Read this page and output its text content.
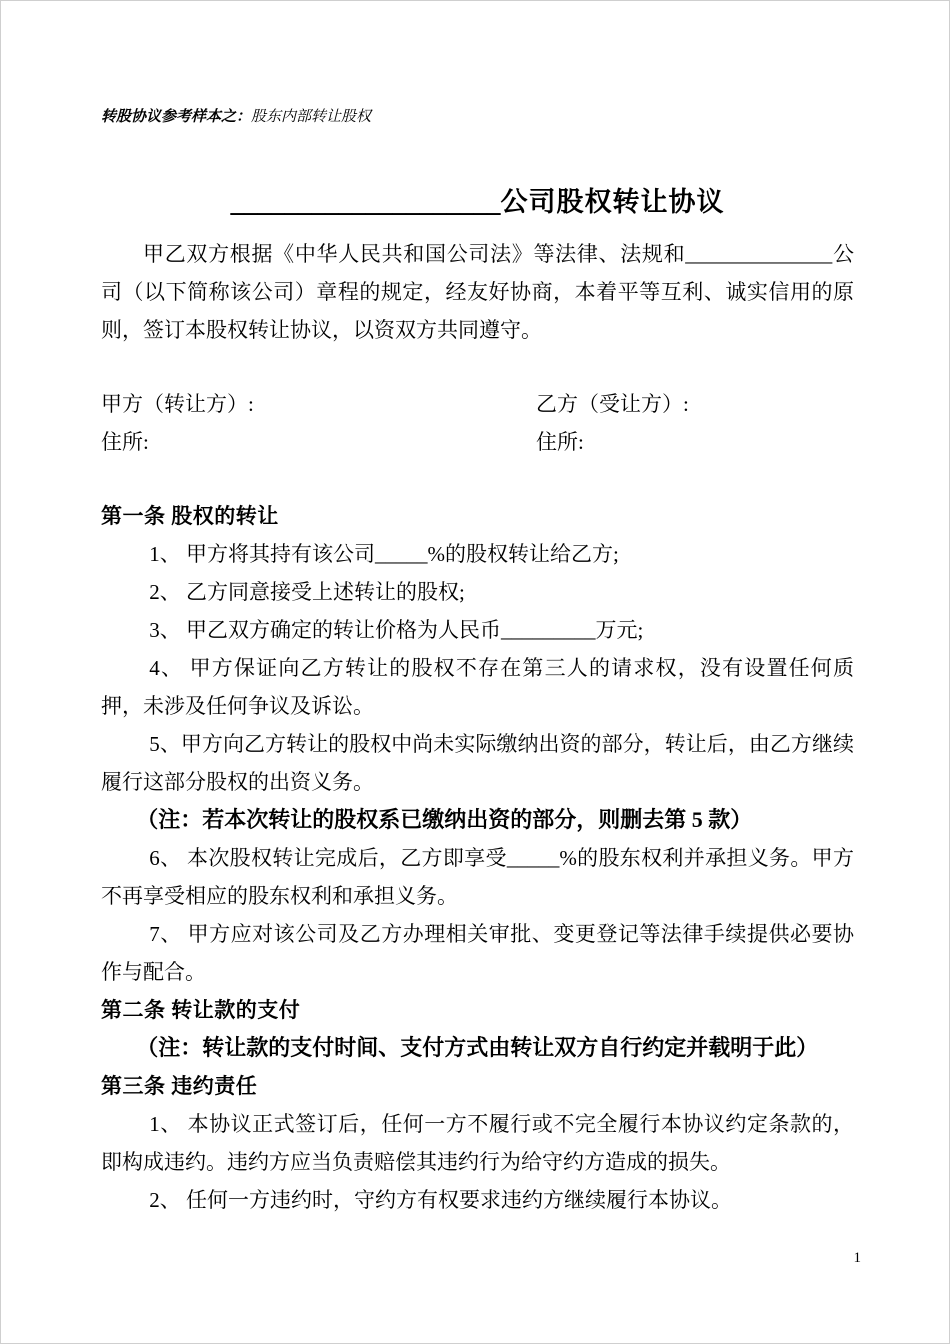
转股协议参考样本之：股东内部转让股权
____________________公司股权转让协议

甲乙双方根据《中华人民共和国公司法》等法律、法规和______________公司（以下简称该公司）章程的规定，经友好协商，本着平等互利、诚实信用的原则，签订本股权转让协议，以资双方共同遵守。

甲方（转让方）:	乙方（受让方）:
住所:	住所:
第一条 股权的转让

1、 甲方将其持有该公司_____%的股权转让给乙方;

2、 乙方同意接受上述转让的股权;

3、 甲乙双方确定的转让价格为人民币_________万元;

4、 甲方保证向乙方转让的股权不存在第三人的请求权，没有设置任何质押，未涉及任何争议及诉讼。

5、甲方向乙方转让的股权中尚未实际缴纳出资的部分，转让后，由乙方继续履行这部分股权的出资义务。

（注：若本次转让的股权系已缴纳出资的部分，则删去第 5 款）

6、 本次股权转让完成后，乙方即享受_____%的股东权利并承担义务。甲方不再享受相应的股东权利和承担义务。

7、 甲方应对该公司及乙方办理相关审批、变更登记等法律手续提供必要协作与配合。

第二条 转让款的支付

（注：转让款的支付时间、支付方式由转让双方自行约定并载明于此）

第三条 违约责任

1、 本协议正式签订后，任何一方不履行或不完全履行本协议约定条款的，即构成违约。违约方应当负责赔偿其违约行为给守约方造成的损失。

2、 任何一方违约时，守约方有权要求违约方继续履行本协议。

1
